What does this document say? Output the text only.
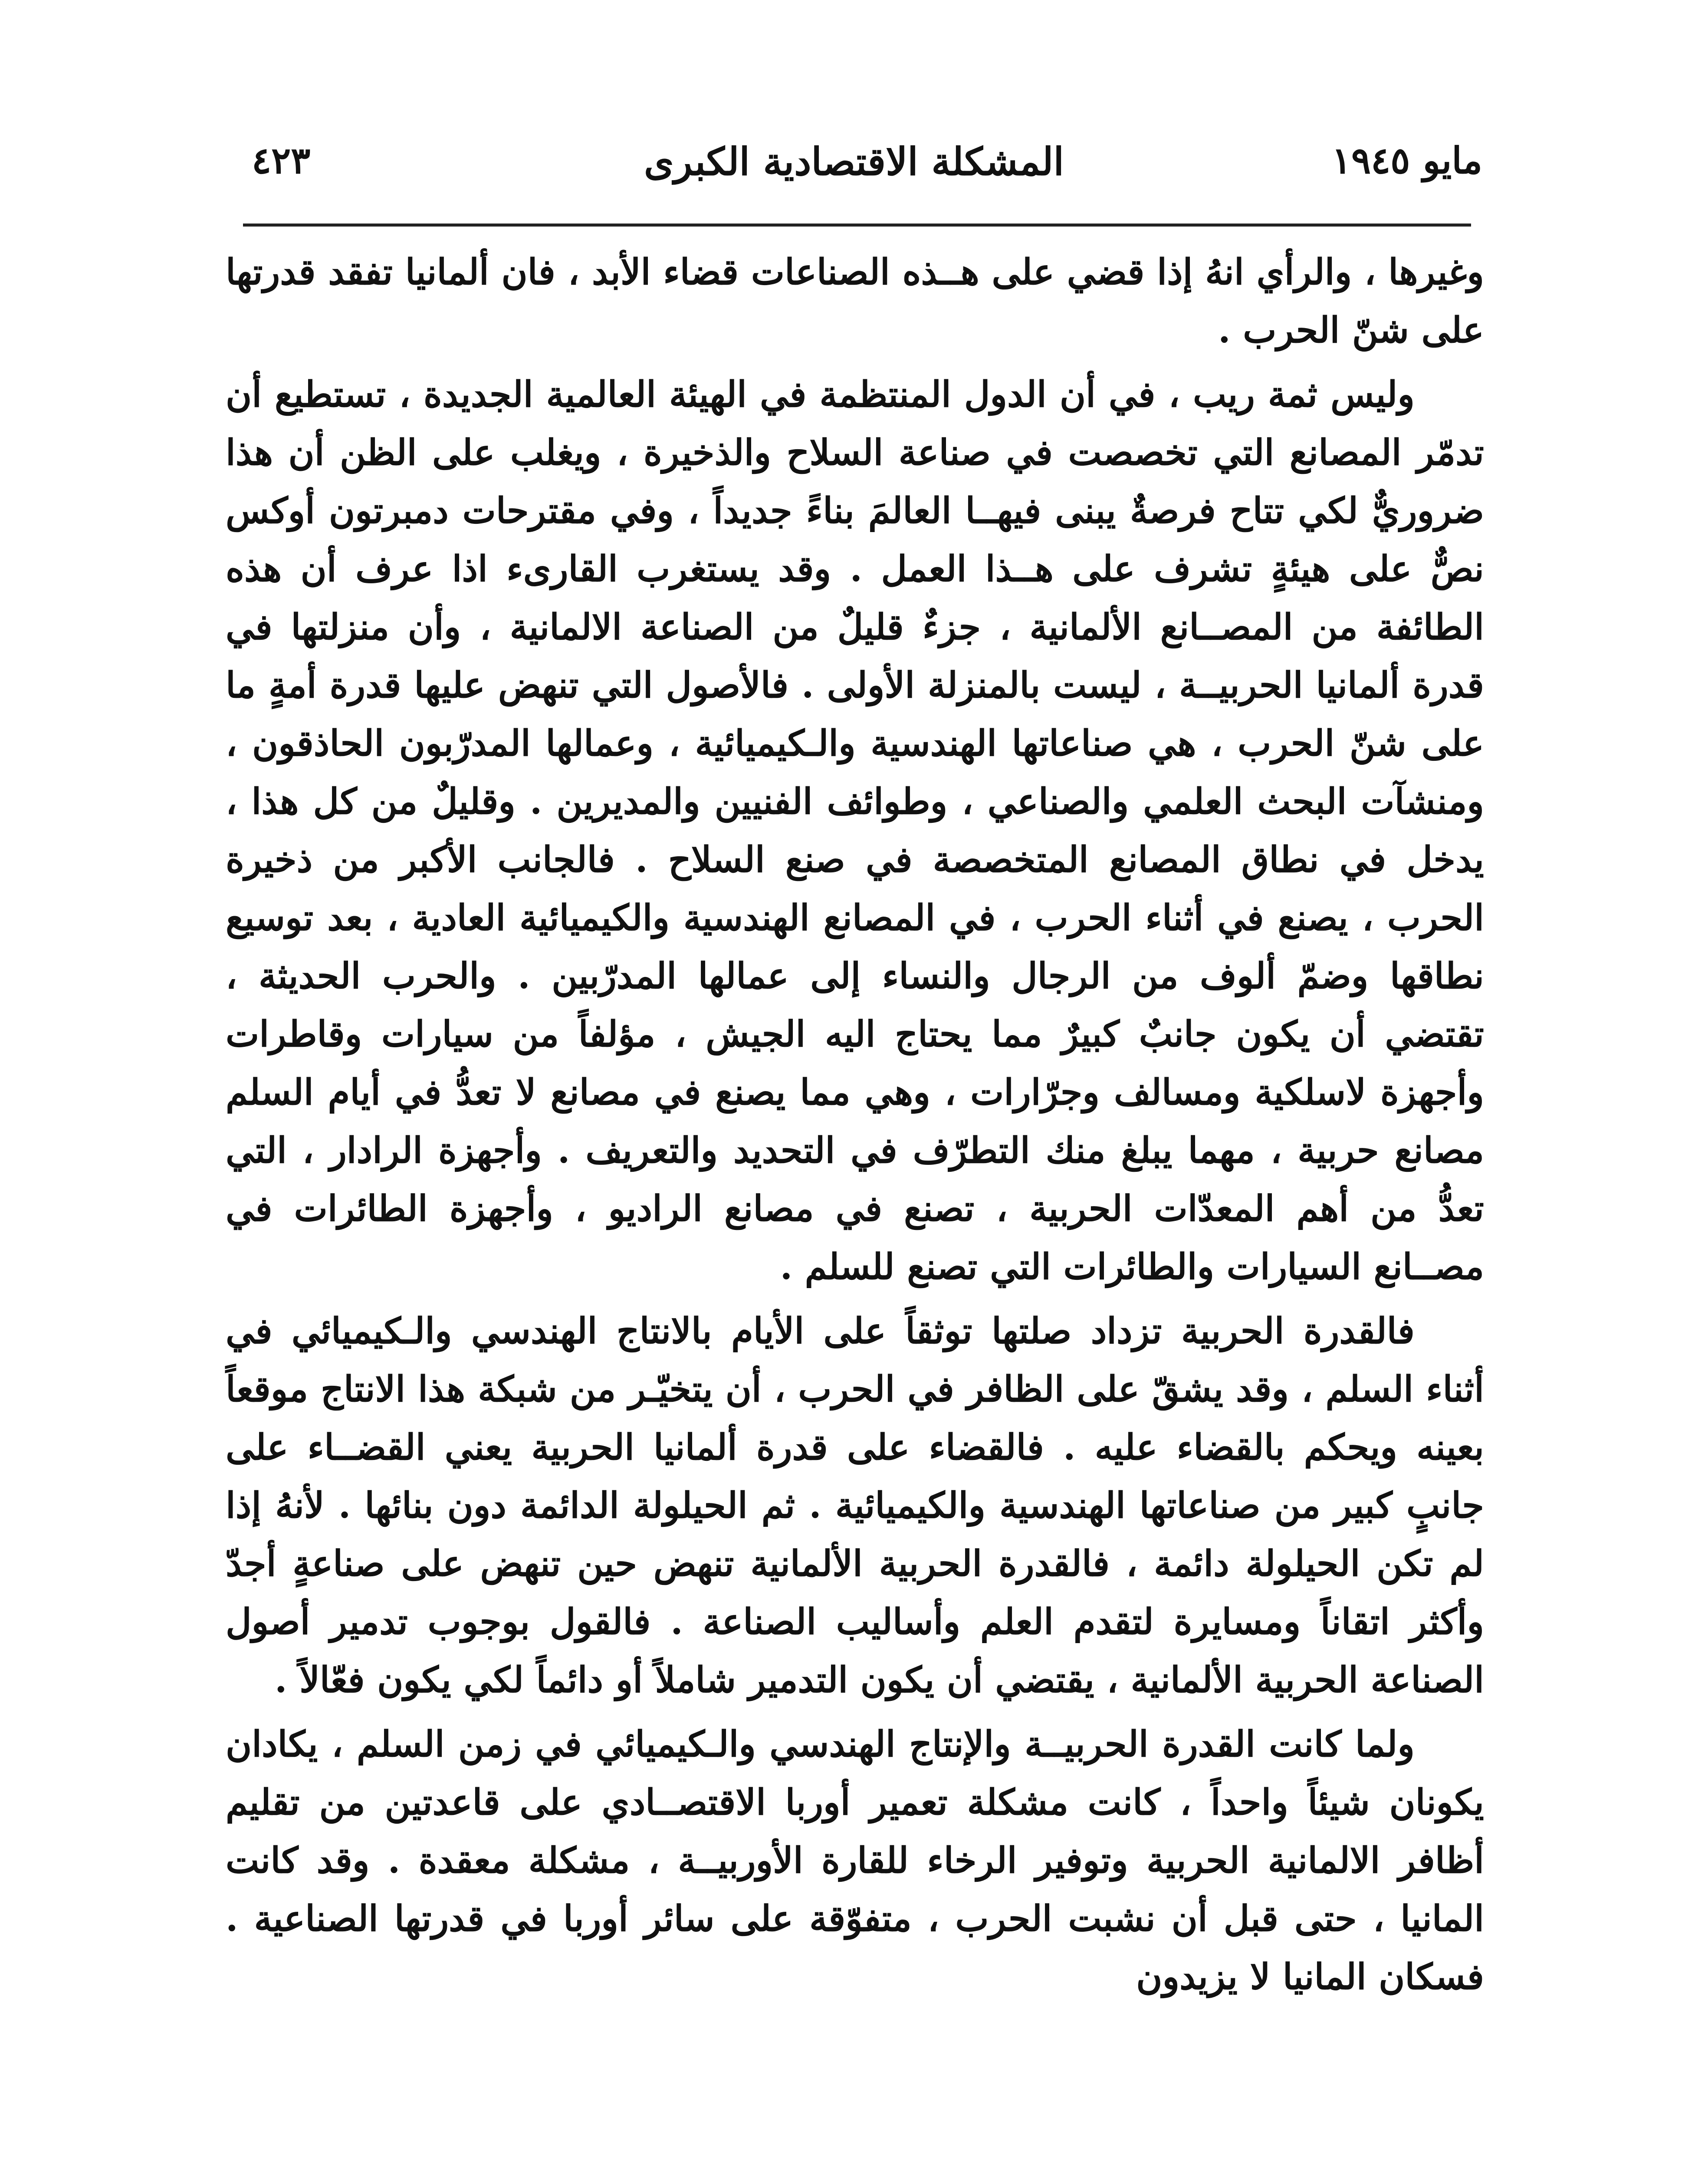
٤٢٣	المشكلة الاقتصادية الكبرى	مايو ١٩٤٥

وغيرها ، والرأي انهُ إذا قضي على هــذه الصناعات قضاء الأبد ، فان ألمانيا تفقد قدرتها على شنّ الحرب .

وليس ثمة ريب ، في أن الدول المنتظمة في الهيئة العالمية الجديدة ، تستطيع أن تدمّر المصانع التي تخصصت في صناعة السلاح والذخيرة ، ويغلب على الظن أن هذا ضروريٌّ لكي تتاح فرصةٌ يبنى فيهــا العالمَ بناءً جديداً ، وفي مقترحات دمبرتون أوكس نصٌّ على هيئةٍ تشرف على هــذا العمل . وقد يستغرب القارىء اذا عرف أن هذه الطائفة من المصــانع الألمانية ، جزءٌ قليلٌ من الصناعة الالمانية ، وأن منزلتها في قدرة ألمانيا الحربيــة ، ليست بالمنزلة الأولى . فالأصول التي تنهض عليها قدرة أمةٍ ما على شنّ الحرب ، هي صناعاتها الهندسية والـكيميائية ، وعمالها المدرّبون الحاذقون ، ومنشآت البحث العلمي والصناعي ، وطوائف الفنيين والمديرين . وقليلٌ من كل هذا ، يدخل في نطاق المصانع المتخصصة في صنع السلاح . فالجانب الأكبر من ذخيرة الحرب ، يصنع في أثناء الحرب ، في المصانع الهندسية والكيميائية العادية ، بعد توسيع نطاقها وضمّ ألوف من الرجال والنساء إلى عمالها المدرّبين . والحرب الحديثة ، تقتضي أن يكون جانبٌ كبيرٌ مما يحتاج اليه الجيش ، مؤلفاً من سيارات وقاطرات وأجهزة لاسلكية ومسالف وجرّارات ، وهي مما يصنع في مصانع لا تعدُّ في أيام السلم مصانع حربية ، مهما يبلغ منك التطرّف في التحديد والتعريف . وأجهزة الرادار ، التي تعدُّ من أهم المعدّات الحربية ، تصنع في مصانع الراديو ، وأجهزة الطائرات في مصــانع السيارات والطائرات التي تصنع للسلم .

فالقدرة الحربية تزداد صلتها توثقاً على الأيام بالانتاج الهندسي والـكيميائي في أثناء السلم ، وقد يشقّ على الظافر في الحرب ، أن يتخيّـر من شبكة هذا الانتاج موقعاً بعينه ويحكم بالقضاء عليه . فالقضاء على قدرة ألمانيا الحربية يعني القضــاء على جانبٍ كبير من صناعاتها الهندسية والكيميائية . ثم الحيلولة الدائمة دون بنائها . لأنهُ إذا لم تكن الحيلولة دائمة ، فالقدرة الحربية الألمانية تنهض حين تنهض على صناعةٍ أجدّ وأكثر اتقاناً ومسايرة لتقدم العلم وأساليب الصناعة . فالقول بوجوب تدمير أصول الصناعة الحربية الألمانية ، يقتضي أن يكون التدمير شاملاً أو دائماً لكي يكون فعّالاً .

ولما كانت القدرة الحربيــة والإنتاج الهندسي والـكيميائي في زمن السلم ، يكادان يكونان شيئاً واحداً ، كانت مشكلة تعمير أوربا الاقتصــادي على قاعدتين من تقليم أظافر الالمانية الحربية وتوفير الرخاء للقارة الأوربيــة ، مشكلة معقدة . وقد كانت المانيا ، حتى قبل أن نشبت الحرب ، متفوّقة على سائر أوربا في قدرتها الصناعية . فسكان المانيا لا يزيدون
